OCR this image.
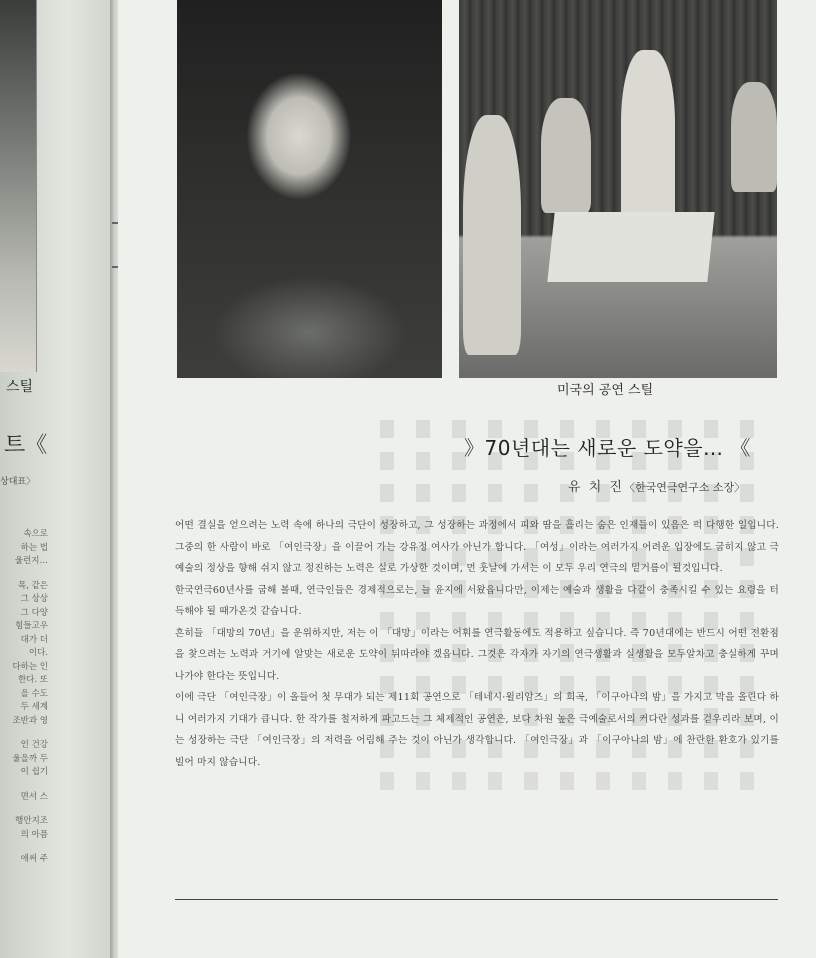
스틸
트《
상대표〉
속으로
하는 법
울런지…
목, 같은
그 상상
그 다양
힘들고우
대가 더
이다.
다하는 인
한다. 또
을 수도
두 세계
조반과 영
인 건강
울을까 두
이 쉽기
면서 스
행안지조
의 아픔
애써 주
미국의 공연 스틸
》70년대는 새로운 도약을… 《
유 치 진〈한국연극연구소 소장〉

어떤 결실을 얻으려는 노력 속에 하나의 극단이 성장하고, 그 성장하는 과정에서 피와 땀을 흘리는 숨은 인재들이 있음은 퍽 다행한 일입니다. 그중의 한 사람이 바로 「여인극장」을 이끌어 가는 강유정 여사가 아닌가 합니다. 「여성」이라는 여러가지 어려운 입장에도 굽히지 않고 극예술의 정상을 향해 쉬지 않고 정진하는 노력은 실로 가상한 것이며, 먼 훗날에 가서는 이 모두 우리 연극의 밑거름이 될것입니다.

한국연극60년사를 굽해 볼때, 연극인들은 경제적으로는, 늘 윤지에 서왔읍니다만, 이제는 예술과 생활을 다같이 충족시킬 수 있는 요령을 터득해야 될 때가온것 같습니다.

흔히들 「대망의 70년」을 운위하지만, 저는 이 「대망」이라는 어휘를 연극활동에도 적용하고 싶습니다. 즉 70년대에는 반드시 어떤 전환점을 찾으려는 노력과 거기에 알맞는 새로운 도약이 뒤따라야 겠읍니다. 그것은 각자가 자기의 연극생활과 실생활을 모두알차고 충실하게 꾸며 나가야 한다는 뜻입니다.

이에 극단 「여인극장」이 올들어 첫 무대가 되는 제11회 공연으로 「테네시·윌리암즈」의 희곡, 「이구아나의 밤」을 가지고 막을 올린다 하니 여러가지 기대가 큽니다. 한 작가를 철저하게 파고드는 그 체제적인 공연은, 보다 차원 높은 극예술로서의 커다란 성과를 걷우리라 보며, 이는 성장하는 극단 「여인극장」의 저력을 어림해 주는 것이 아닌가 생각합니다. 「여인극장」과 「이구아나의 밤」에 찬란한 환호가 있기를 빌어 마지 않습니다.
